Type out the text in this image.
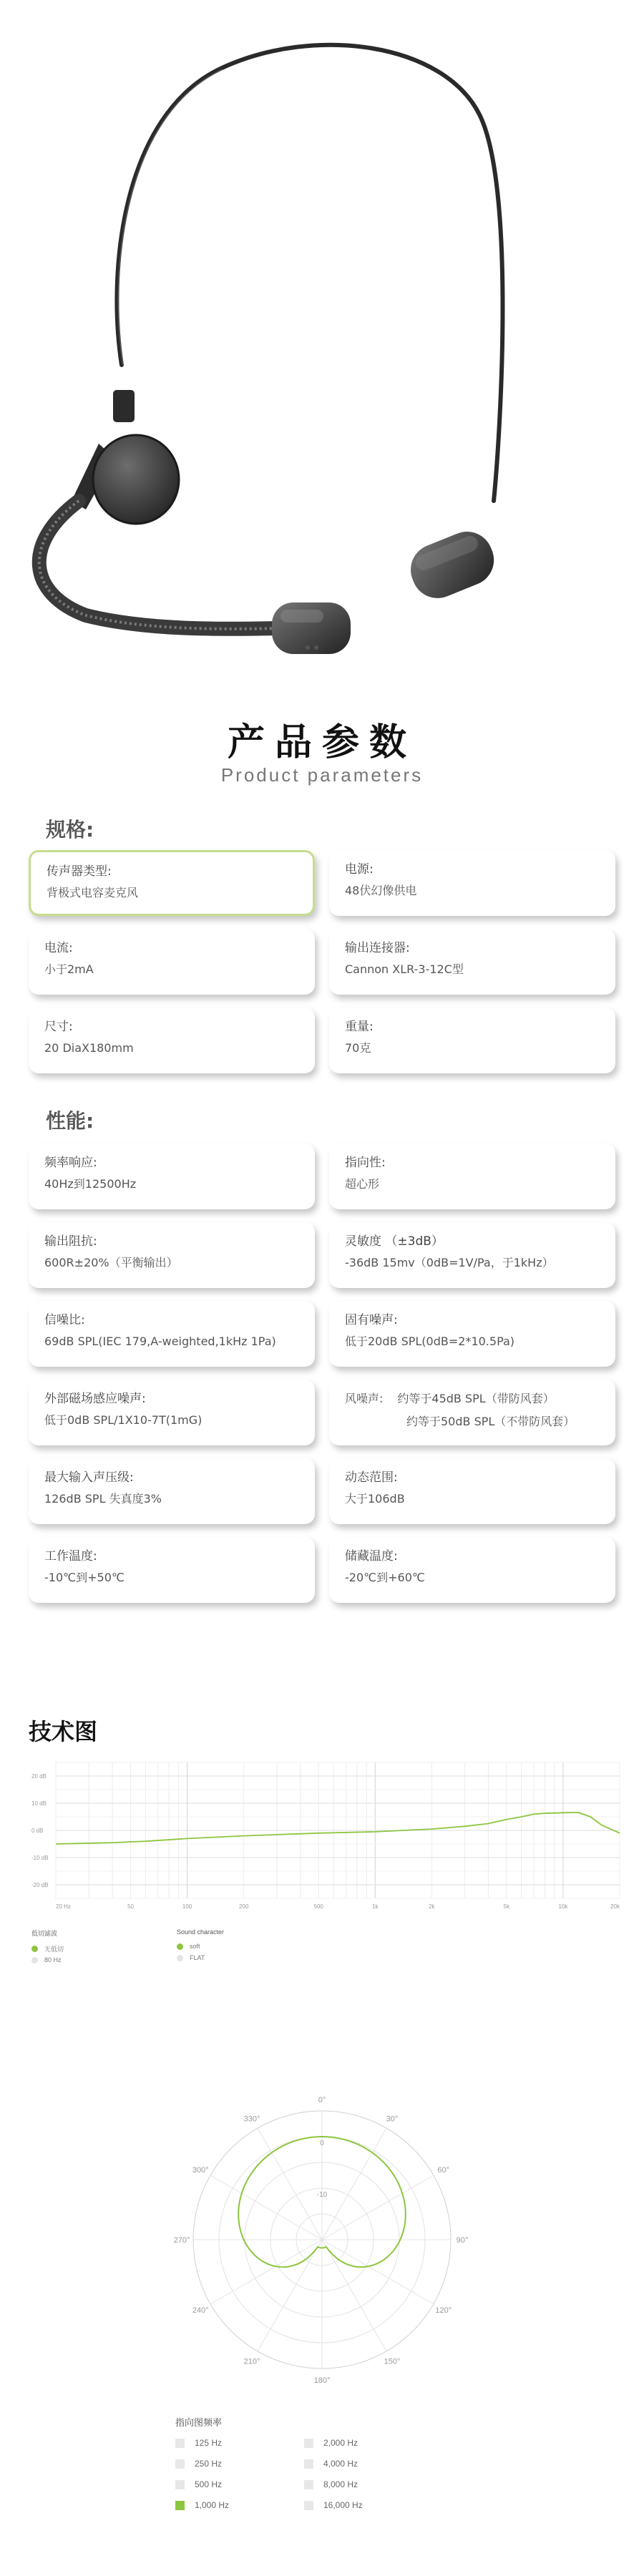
产品参数
Product parameters
规格:
传声器类型:
背极式电容麦克风
电源:
48伏幻像供电
电流:
小于2mA
输出连接器:
Cannon XLR-3-12C型
尺寸:
20 DiaX180mm
重量:
70克
性能:
频率响应:
40Hz到12500Hz
指向性:
超心形
输出阻抗:
600R±20%（平衡输出）
灵敏度 （±3dB）
-36dB 15mv（0dB=1V/Pa，于1kHz）
信噪比:
69dB SPL(IEC 179,A-weighted,1kHz 1Pa)
固有噪声:
低于20dB SPL(0dB=2*10.5Pa)
外部磁场感应噪声:
低于0dB SPL/1X10-7T(1mG)
风噪声: 约等于45dB SPL（带防风套）
约等于50dB SPL（不带防风套）
最大输入声压级:
126dB SPL 失真度3%
动态范围:
大于106dB
工作温度:
-10℃到+50℃
储藏温度:
-20℃到+60℃
技术图
20 dB
10 dB
0 dB
-10 dB
-20 dB
20 Hz	50	100	200	500	1k	2k	5k	10k	20k
低切滤波
无低切
80 Hz
Sound character
soft
FLAT
0°
30°
60°
90°
120°
150°
180°
210°
240°
270°
300°
330°
0
-10
指向图频率
125 Hz	2,000 Hz
250 Hz	4,000 Hz
500 Hz	8,000 Hz
1,000 Hz	16,000 Hz
